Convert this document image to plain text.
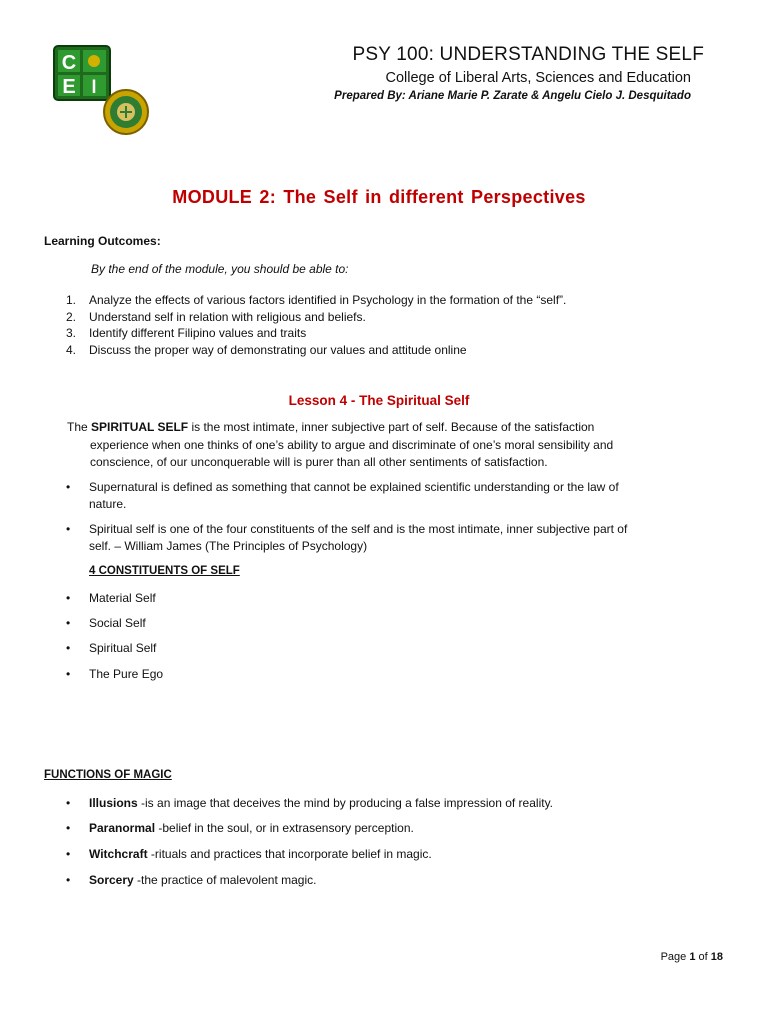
C
E l
PSY 100: UNDERSTANDING THE SELF
College of Liberal Arts, Sciences and Education
Prepared By: Ariane Marie P. Zarate & Angelu Cielo J. Desquitado
MODULE 2: The Self in different Perspectives
Learning Outcomes:
By the end of the module, you should be able to:
1.	Analyze the effects of various factors identified in Psychology in the formation of the “self”.
2.	Understand self in relation with religious and beliefs.
3.	Identify different Filipino values and traits
4.	Discuss the proper way of demonstrating our values and attitude online
Lesson 4 - The Spiritual Self
The SPIRITUAL SELF is the most intimate, inner subjective part of self. Because of the satisfaction
experience when one thinks of one’s ability to argue and discriminate of one’s moral sensibility and
conscience, of our unconquerable will is purer than all other sentiments of satisfaction.
•	Supernatural is defined as something that cannot be explained scientific understanding or the law of
nature.
•	Spiritual self is one of the four constituents of the self and is the most intimate, inner subjective part of
self. – William James (The Principles of Psychology)
4 CONSTITUENTS OF SELF
•	Material Self
•	Social Self
•	Spiritual Self
•	The Pure Ego
FUNCTIONS OF MAGIC
•	Illusions -is an image that deceives the mind by producing a false impression of reality.
•	Paranormal -belief in the soul, or in extrasensory perception.
•	Witchcraft -rituals and practices that incorporate belief in magic.
•	Sorcery -the practice of malevolent magic.
Page 1 of 18
